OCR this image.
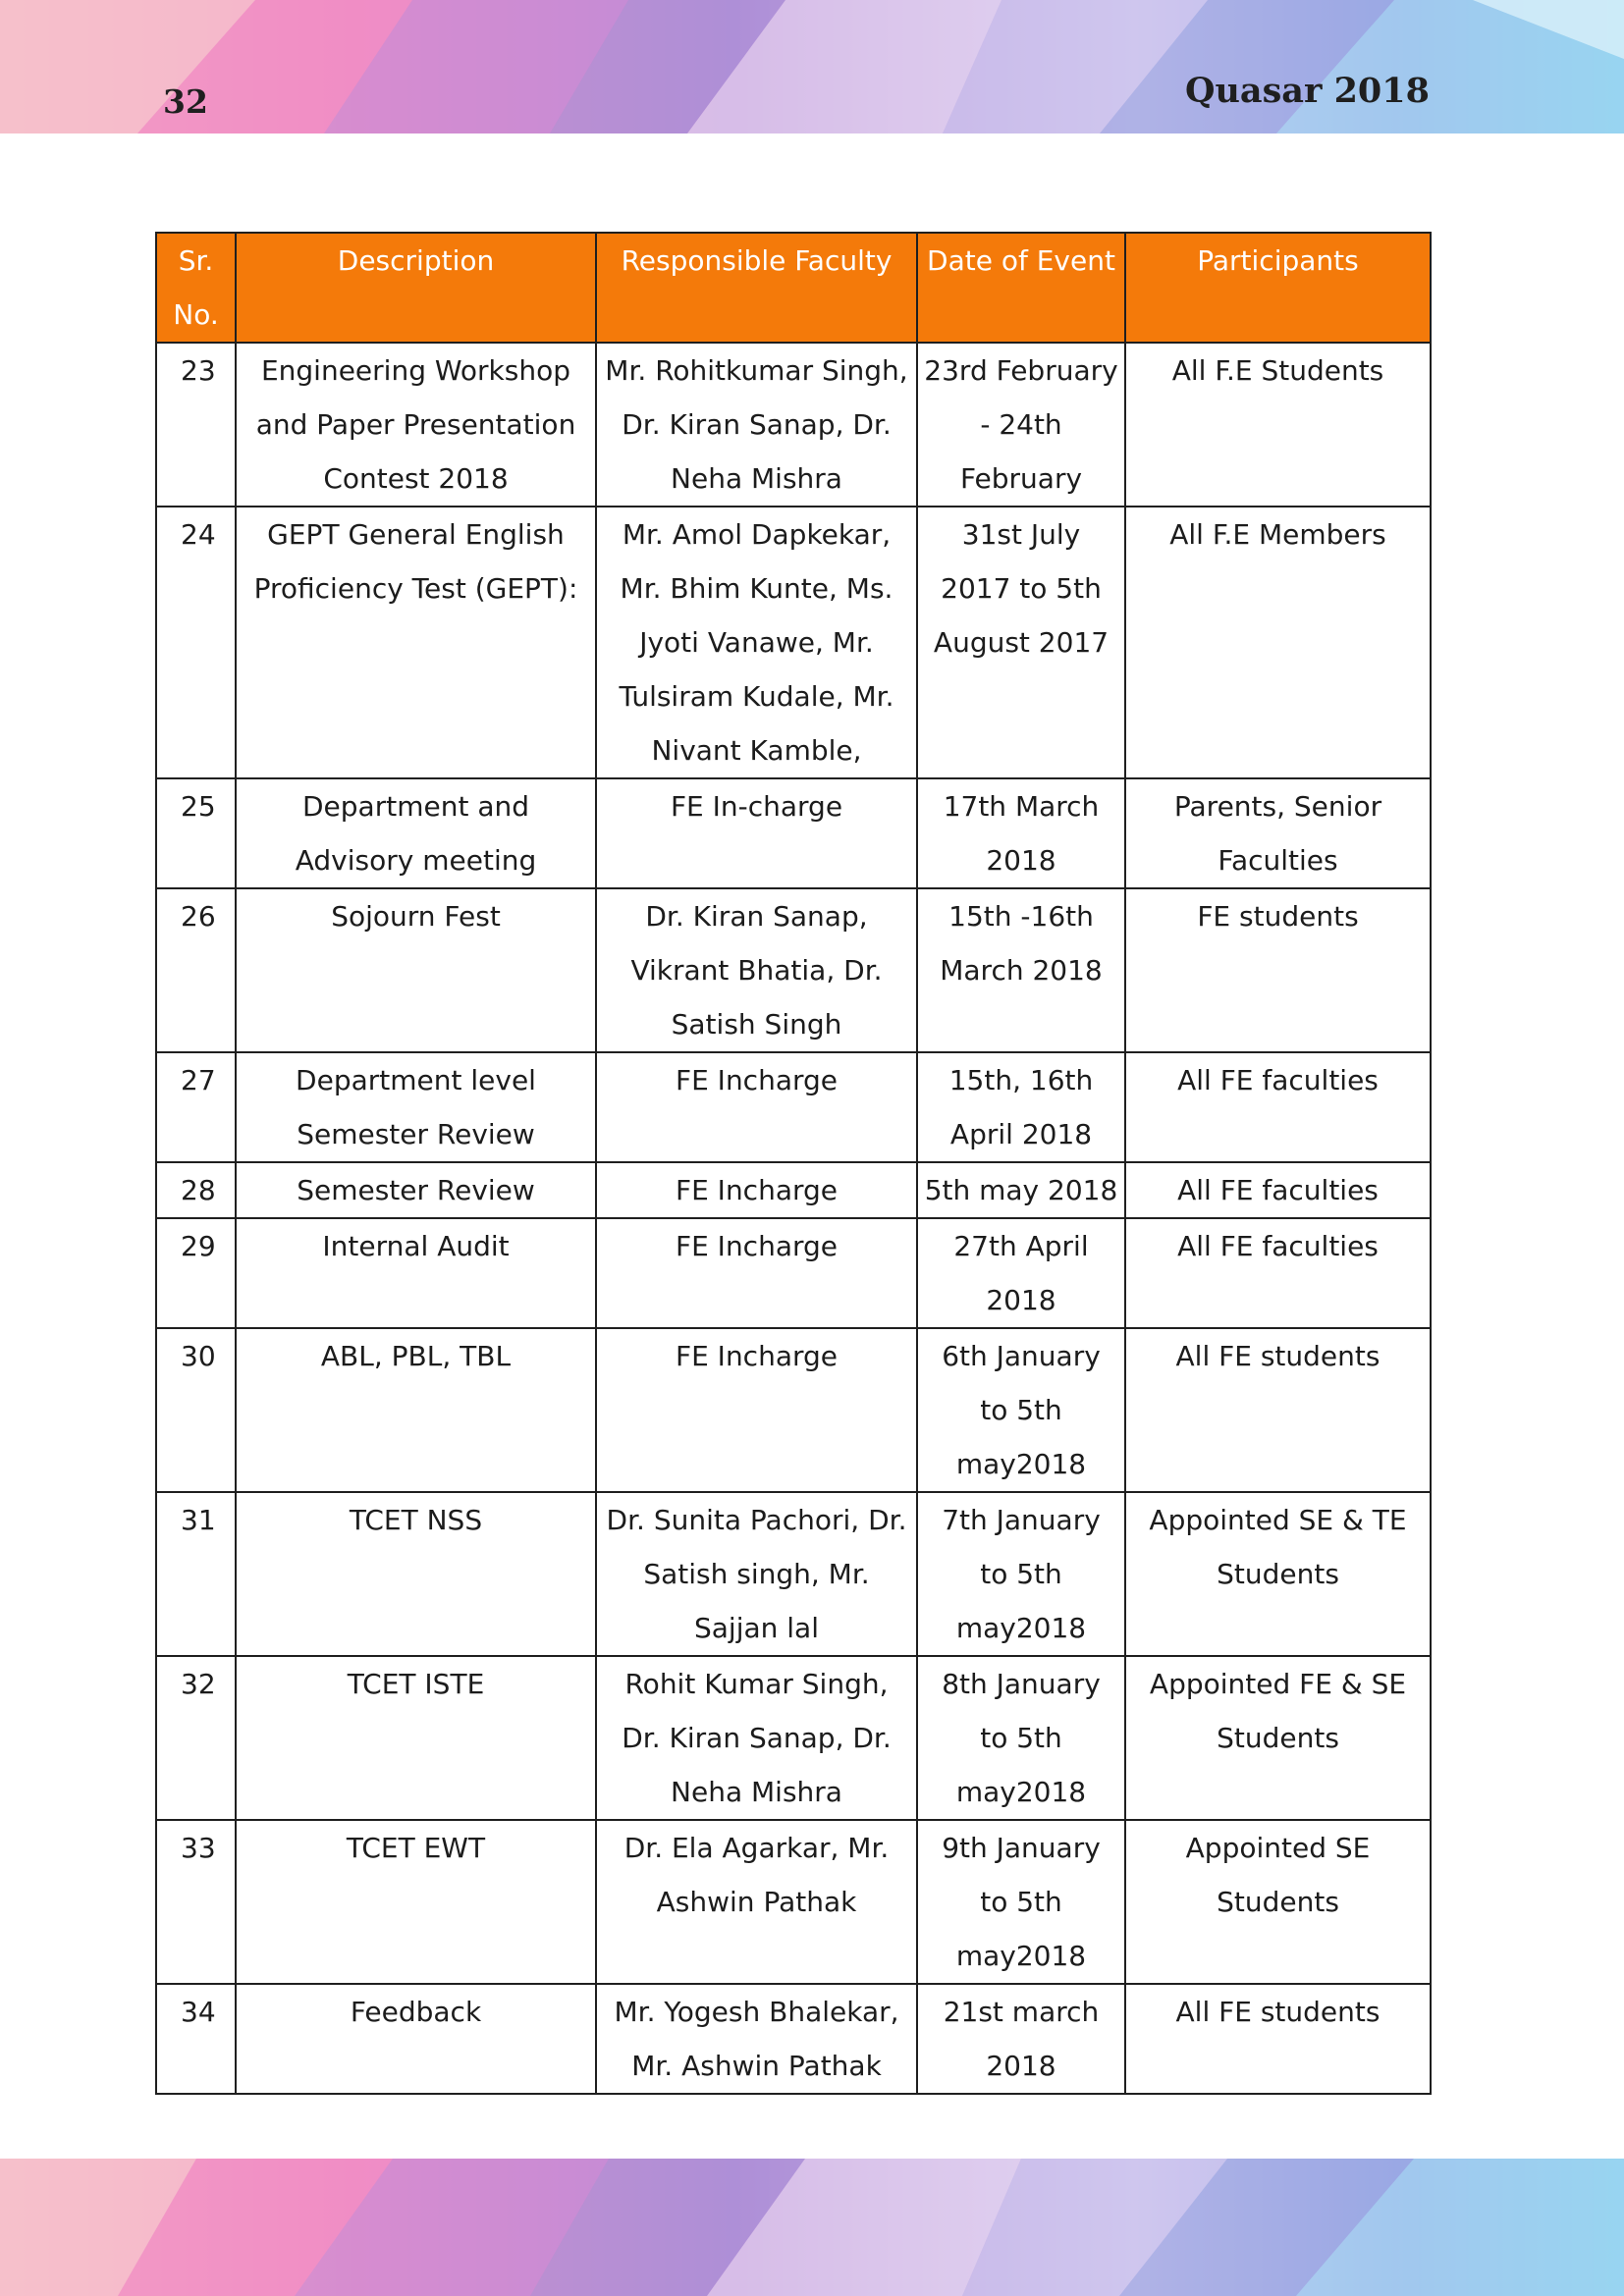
32	Quasar 2018
Sr. No.	Description	Responsible Faculty	Date of Event	Participants
23	Engineering Workshop and Paper Presentation Contest 2018	Mr. Rohitkumar Singh, Dr. Kiran Sanap, Dr. Neha Mishra	23rd February - 24th February	All F.E Students
24	GEPT General English Proficiency Test (GEPT):	Mr. Amol Dapkekar, Mr. Bhim Kunte, Ms. Jyoti Vanawe, Mr. Tulsiram Kudale, Mr. Nivant Kamble,	31st July 2017 to 5th August 2017	All F.E Members
25	Department and Advisory meeting	FE In-charge	17th March 2018	Parents, Senior Faculties
26	Sojourn Fest	Dr. Kiran Sanap, Vikrant Bhatia, Dr. Satish Singh	15th -16th March 2018	FE students
27	Department level Semester Review	FE Incharge	15th, 16th April 2018	All FE faculties
28	Semester Review	FE Incharge	5th may 2018	All FE faculties
29	Internal Audit	FE Incharge	27th April 2018	All FE faculties
30	ABL, PBL, TBL	FE Incharge	6th January to 5th may2018	All FE students
31	TCET NSS	Dr. Sunita Pachori, Dr. Satish singh, Mr. Sajjan lal	7th January to 5th may2018	Appointed SE & TE Students
32	TCET ISTE	Rohit Kumar Singh, Dr. Kiran Sanap, Dr. Neha Mishra	8th January to 5th may2018	Appointed FE & SE Students
33	TCET EWT	Dr. Ela Agarkar, Mr. Ashwin Pathak	9th January to 5th may2018	Appointed SE Students
34	Feedback	Mr. Yogesh Bhalekar, Mr. Ashwin Pathak	21st march 2018	All FE students
